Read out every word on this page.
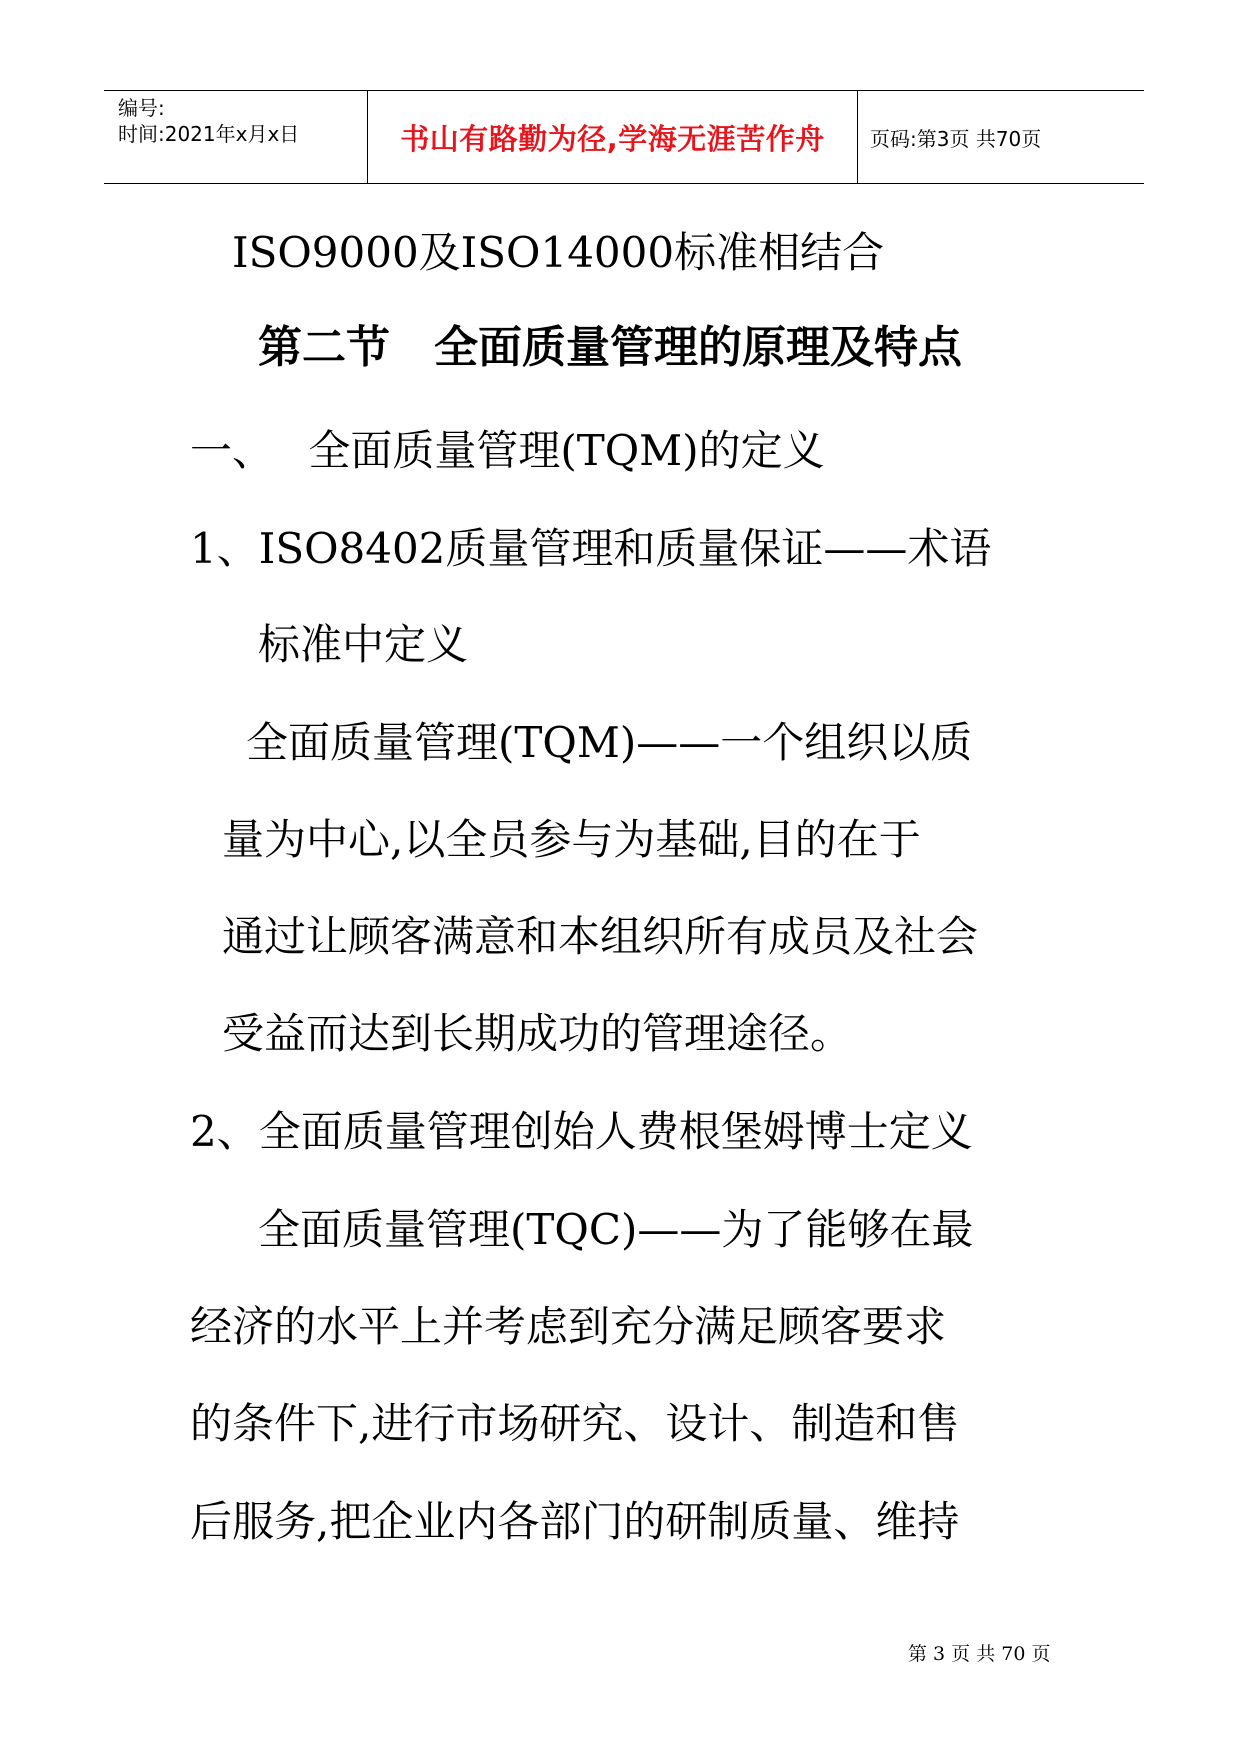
编号:
时间:2021年x月x日	书山有路勤为径,学海无涯苦作舟	页码:第3页 共70页
ISO9000及ISO14000标准相结合
第二节　全面质量管理的原理及特点
一、　 全面质量管理(TQM)的定义
1、ISO8402质量管理和质量保证——术语
标准中定义
全面质量管理(TQM)——一个组织以质
量为中心,以全员参与为基础,目的在于
通过让顾客满意和本组织所有成员及社会
受益而达到长期成功的管理途径。
2、全面质量管理创始人费根堡姆博士定义
全面质量管理(TQC)——为了能够在最
经济的水平上并考虑到充分满足顾客要求
的条件下,进行市场研究、设计、制造和售
后服务,把企业内各部门的研制质量、维持
第 3 页 共 70 页
